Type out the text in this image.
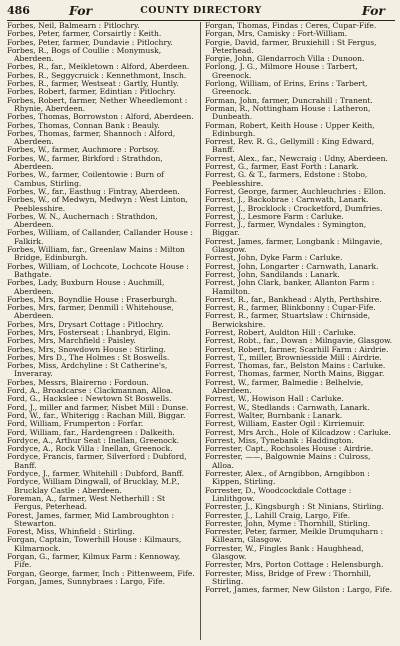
486	For	COUNTY DIRECTORY	For
Forbes, Neil, Balmearn : Pitlochry.
Forbes, Peter, farmer, Corsairtly : Keith.
Forbes, Peter, farmer, Dundavie : Pitlochry.
Forbes, R., Bogs of Coullie : Monymusk, Aberdeen.
Forbes, R., far., Meikletown : Alford, Aberdeen.
Forbes, R., Seggycruick : Kennethmont, Insch.
Forbes, R., farmer, Westseat : Gartly, Huntly.
Forbes, Robert, farmer, Edintian : Pitlochry.
Forbes, Robert, farmer, Nether Wheedlemont : Rhynie, Aberdeen.
Forbes, Thomas, Borrowston : Alford, Aberdeen.
Forbes, Thomas, Connan Bank : Beauly.
Forbes, Thomas, farmer, Shannoch : Alford, Aberdeen.
Forbes, W., farmer, Auchmore : Portsoy.
Forbes, W., farmer, Birkford : Strathdon, Aberdeen.
Forbes, W., farmer, Coilentowie : Burn of Cambus, Stirling.
Forbes, W., far., Easthug : Fintray, Aberdeen.
Forbes, W., of Medwyn, Medwyn : West Linton, Peeblesshire.
Forbes, W. N., Auchernach : Strathdon, Aberdeen.
Forbes, William, of Callander, Callander House : Falkirk.
Forbes, William, far., Greenlaw Mains : Milton Bridge, Edinburgh.
Forbes, William, of Lochcote, Lochcote House : Bathgate.
Forbes, Lady, Buxburn House : Auchmill, Aberdeen.
Forbes, Mrs, Boyndlie House : Fraserburgh.
Forbes, Mrs, farmer, Denmill : Whitehouse, Aberdeen.
Forbes, Mrs, Drysart Cottage : Pitlochry.
Forbes, Mrs, Fosterseat : Lhanbryd, Elgin.
Forbes, Mrs, Marchfield : Paisley.
Forbes, Mrs, Snowdown House : Stirling.
Forbes, Mrs D., The Holmes : St Boswells.
Forbes, Miss, Ardchyline : St Catherine's, Inveraray.
Forbes, Messrs, Blairerno : Fordoun.
Ford, A., Broadcarse : Clackmannan, Alloa.
Ford, G., Hackslee : Newtown St Boswells.
Ford, J., miller and farmer, Nisbet Mill : Dunse.
Ford, W., far., Whiterigg : Rachan Mill, Biggar.
Ford, William, Frumperton : Forfar.
Ford, William, far., Hardengreen : Dalkeith.
Fordyce, A., Arthur Seat : Inellan, Greenock.
Fordyce, A., Rock Villa : Inellan, Greenock.
Fordyce, Francis, farmer, Silverford : Dubford, Banff.
Fordyce, J., farmer, Whitehill : Dubford, Banff.
Fordyce, William Dingwall, of Brucklay, M.P., Brucklay Castle : Aberdeen.
Foreman, A., farmer, West Netherhill : St Fergus, Peterhead.
Forest, James, farmer, Mid Lambroughton : Stewarton.
Forest, Miss, Whinfield : Stirling.
Forgan, Captain, Towerhill House : Kilmaurs, Kilmarnock.
Forgan, G., farmer, Kilmux Farm : Kennoway, Fife.
Forgan, George, farmer, Inch : Pittenweem, Fife.
Forgan, James, Sunnybraes : Largo, Fife.
Forgan, Thomas, Findas : Ceres, Cupar-Fife.
Forgan, Mrs, Camisky : Fort-William.
Forgie, David, farmer, Bruxiehill : St Fergus, Peterhead.
Forgie, John, Glendarroch Villa : Dunoon.
Forlong, J. G., Milmore House : Tarbert, Greenock.
Forlong, William, of Erins, Erins : Tarbert, Greenock.
Forman, John, farmer, Duncrahill : Tranent.
Forman, R., Nottingham House : Latheron, Dunbeath.
Forman, Robert, Keith House : Upper Keith, Edinburgh.
Forrest, Rev. R. G., Gellymill : King Edward, Banff.
Forrest, Alex., far., Newcraig : Udny, Aberdeen.
Forrest, G., farmer, East Forth : Lanark.
Forrest, G. & T., farmers, Edstone : Stobo, Peeblesshire.
Forrest, George, farmer, Auchleuchries : Ellon.
Forrest, J., Backobrae : Carnwath, Lanark.
Forrest, J., Brocklock : Crocketford, Dumfries.
Forrest, J., Lesmore Farm : Carluke.
Forrest, J., farmer, Wyndales : Symington, Biggar.
Forrest, James, farmer, Longbank : Milngavie, Glasgow.
Forrest, John, Dyke Farm : Carluke.
Forrest, John, Longarter : Carnwath, Lanark.
Forrest, John, Sandilands : Lanark.
Forrest, John Clark, banker, Allanton Farm : Hamilton.
Forrest, R., far., Bankhead : Alyth, Perthshire.
Forrest, R., farmer, Blinkbonny : Cupar-Fife.
Forrest, R., farmer, Stuartslaw : Chirnside, Berwickshire.
Forrest, Robert, Auldton Hill : Carluke.
Forrest, Robt., far., Dowan : Milngavie, Glasgow.
Forrest, Robert, farmer, Scarhill Farm : Airdrie.
Forrest, T., miller, Browniesside Mill : Airdrie.
Forrest, Thomas, far., Belston Mains : Carluke.
Forrest, Thomas, farmer, North Mains, Biggar.
Forrest, W., farmer, Balmedie : Belhelvie, Aberdeen.
Forrest, W., Howison Hall : Carluke.
Forrest, W., Stedlands : Carnwath, Lanark.
Forrest, Walter, Burnbank : Lanark.
Forrest, William, Easter Ogil : Kirriemuir.
Forrest, Mrs Arch., Hole of Kilcadzow : Carluke.
Forrest, Miss, Tynebank : Haddington.
Forrester, Capt., Rochsoles House : Airdrie.
Forrester, ——, Balgownie Mains : Culross, Alloa.
Forrester, Alex., of Arngibbon, Arngibbon : Kippen, Stirling.
Forrester, D., Woodcockdale Cottage : Linlithgow.
Forrester, J., Kingsburgh : St Ninians, Stirling.
Forrester, J., Lahill Craig, Largo, Fife.
Forrester, John, Myme : Thornhill, Stirling.
Forrester, Peter, farmer, Meikle Drumquharn : Killearn, Glasgow.
Forrester, W., Fingles Bank : Haughhead, Glasgow.
Forrester, Mrs, Porton Cottage : Helensburgh.
Forrester, Miss, Bridge of Frew : Thornhill, Stirling.
Forret, James, farmer, New Gilston : Largo, Fife.
